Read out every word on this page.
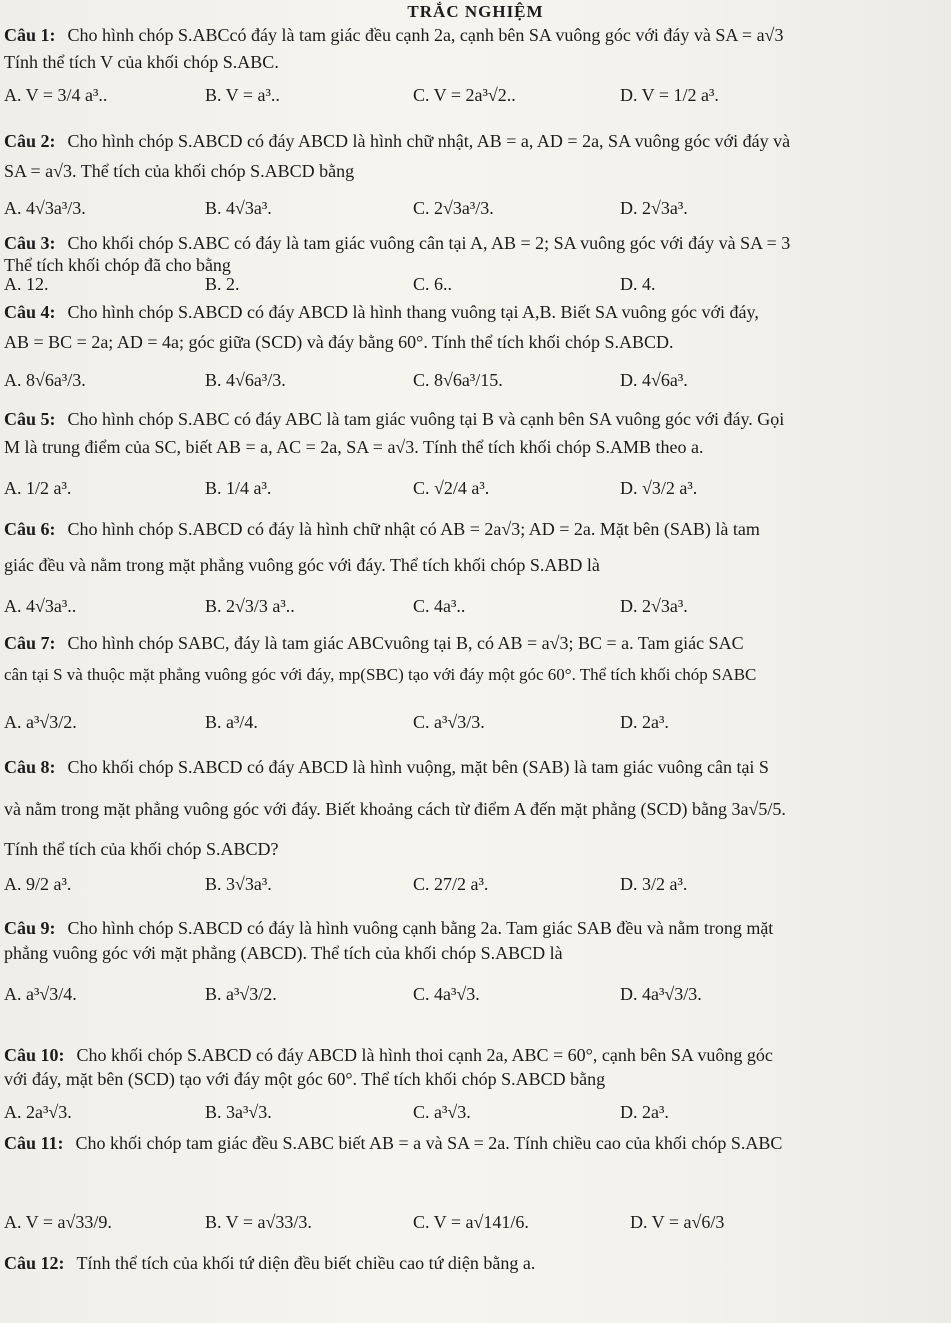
TRẮC NGHIỆM
Câu 1: Cho hình chóp S.ABCcó đáy là tam giác đều cạnh 2a, cạnh bên SA vuông góc với đáy và SA = a√3
Tính thể tích V của khối chóp S.ABC.
A. V = 3/4 a³..	B. V = a³..	C. V = 2a³√2..	D. V = 1/2 a³.
Câu 2: Cho hình chóp S.ABCD có đáy ABCD là hình chữ nhật, AB = a, AD = 2a, SA vuông góc với đáy và
SA = a√3. Thể tích của khối chóp S.ABCD bằng
A. 4√3a³/3.	B. 4√3a³.	C. 2√3a³/3.	D. 2√3a³.
Câu 3: Cho khối chóp S.ABC có đáy là tam giác vuông cân tại A, AB = 2; SA vuông góc với đáy và SA = 3
Thể tích khối chóp đã cho bằng
A. 12.	B. 2.	C. 6..	D. 4.
Câu 4: Cho hình chóp S.ABCD có đáy ABCD là hình thang vuông tại A,B. Biết SA vuông góc với đáy,
AB = BC = 2a; AD = 4a; góc giữa (SCD) và đáy bằng 60°. Tính thể tích khối chóp S.ABCD.
A. 8√6a³/3.	B. 4√6a³/3.	C. 8√6a³/15.	D. 4√6a³.
Câu 5: Cho hình chóp S.ABC có đáy ABC là tam giác vuông tại B và cạnh bên SA vuông góc với đáy. Gọi
M là trung điểm của SC, biết AB = a, AC = 2a, SA = a√3. Tính thể tích khối chóp S.AMB theo a.
A. 1/2 a³.	B. 1/4 a³.	C. √2/4 a³.	D. √3/2 a³.
Câu 6: Cho hình chóp S.ABCD có đáy là hình chữ nhật có AB = 2a√3; AD = 2a. Mặt bên (SAB) là tam
giác đều và nằm trong mặt phẳng vuông góc với đáy. Thể tích khối chóp S.ABD là
A. 4√3a³..	B. 2√3/3 a³..	C. 4a³..	D. 2√3a³.
Câu 7: Cho hình chóp SABC, đáy là tam giác ABCvuông tại B, có AB = a√3; BC = a. Tam giác SAC
cân tại S và thuộc mặt phẳng vuông góc với đáy, mp(SBC) tạo với đáy một góc 60°. Thể tích khối chóp SABC
A. a³√3/2.	B. a³/4.	C. a³√3/3.	D. 2a³.
Câu 8: Cho khối chóp S.ABCD có đáy ABCD là hình vuộng, mặt bên (SAB) là tam giác vuông cân tại S
và nằm trong mặt phẳng vuông góc với đáy. Biết khoảng cách từ điểm A đến mặt phẳng (SCD) bằng 3a√5/5.
Tính thể tích của khối chóp S.ABCD?
A. 9/2 a³.	B. 3√3a³.	C. 27/2 a³.	D. 3/2 a³.
Câu 9: Cho hình chóp S.ABCD có đáy là hình vuông cạnh bằng 2a. Tam giác SAB đều và nằm trong mặt
phẳng vuông góc với mặt phẳng (ABCD). Thể tích của khối chóp S.ABCD là
A. a³√3/4.	B. a³√3/2.	C. 4a³√3.	D. 4a³√3/3.
Câu 10: Cho khối chóp S.ABCD có đáy ABCD là hình thoi cạnh 2a, ABC = 60°, cạnh bên SA vuông góc
với đáy, mặt bên (SCD) tạo với đáy một góc 60°. Thể tích khối chóp S.ABCD bằng
A. 2a³√3.	B. 3a³√3.	C. a³√3.	D. 2a³.
Câu 11: Cho khối chóp tam giác đều S.ABC biết AB = a và SA = 2a. Tính chiều cao của khối chóp S.ABC
A. V = a√33/9.	B. V = a√33/3.	C. V = a√141/6.	D. V = a√6/3
Câu 12: Tính thể tích của khối tứ diện đều biết chiều cao tứ diện bằng a.
